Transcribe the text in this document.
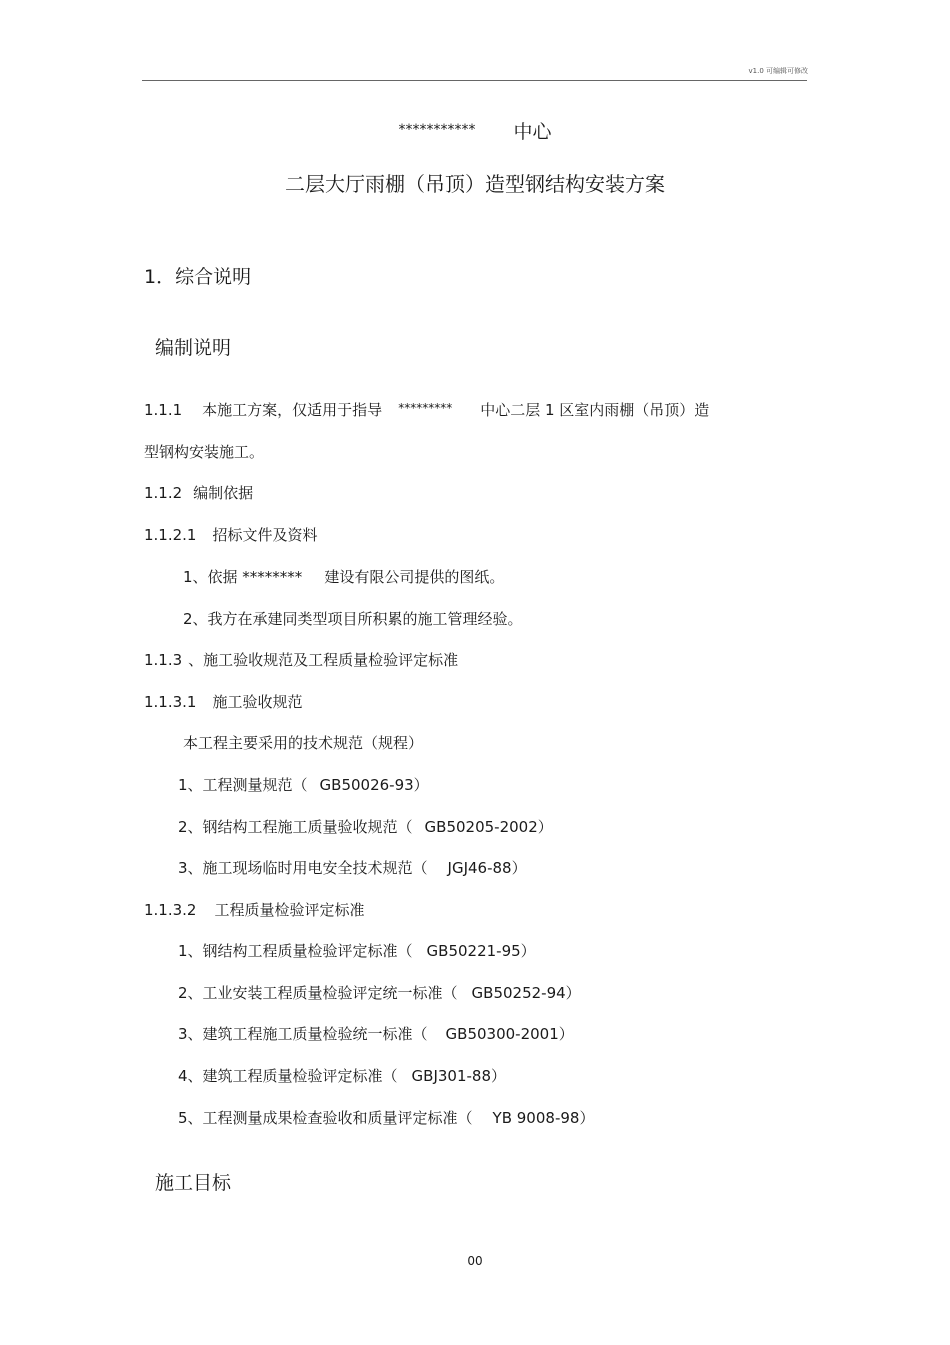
v1.0 可编辑可修改
*********** 中心
二层大厅雨棚（吊顶）造型钢结构安装方案
1．综合说明
编制说明
1.1.1 本施工方案，仅适用于指导 ********* 中心二层 1 区室内雨棚（吊顶）造
型钢构安装施工。
1.1.2 编制依据
1.1.2.1 招标文件及资料
1、依据 ******** 建设有限公司提供的图纸。
2、我方在承建同类型项目所积累的施工管理经验。
1.1.3 、施工验收规范及工程质量检验评定标准
1.1.3.1 施工验收规范
本工程主要采用的技术规范（规程）
1、工程测量规范（ GB50026-93）
2、钢结构工程施工质量验收规范（ GB50205-2002）
3、施工现场临时用电安全技术规范（ JGJ46-88）
1.1.3.2 工程质量检验评定标准
1、钢结构工程质量检验评定标准（ GB50221-95）
2、工业安装工程质量检验评定统一标准（ GB50252-94）
3、建筑工程施工质量检验统一标准（ GB50300-2001）
4、建筑工程质量检验评定标准（ GBJ301-88）
5、工程测量成果检查验收和质量评定标准（ YB 9008-98）
施工目标
00
